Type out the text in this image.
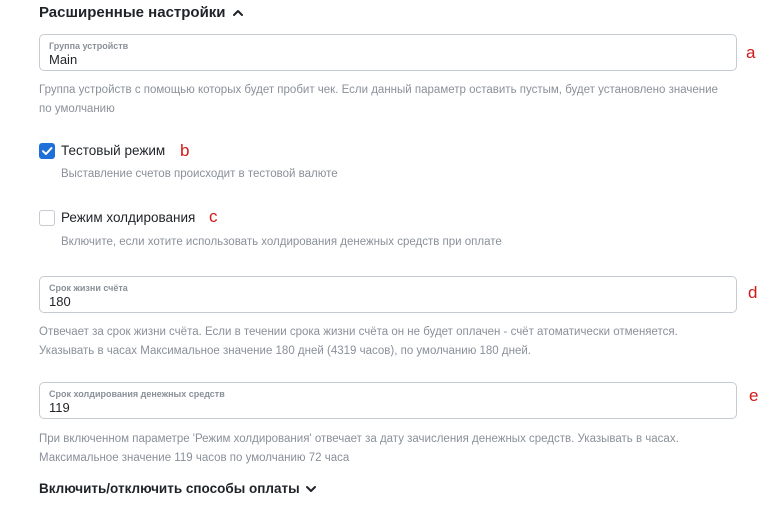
Расширенные настройки
Группа устройств
Main	a
Группа устройств с помощью которых будет пробит чек. Если данный параметр оставить пустым, будет установлено значение по умолчанию
Тестовый режим b
Выставление счетов происходит в тестовой валюте
Режим холдирования c
Включите, если хотите использовать холдирования денежных средств при оплате
Срок жизни счёта
180	d
Отвечает за срок жизни счёта. Если в течении срока жизни счёта он не будет оплачен - счёт атоматически отменяется. Указывать в часах Максимальное значение 180 дней (4319 часов), по умолчанию 180 дней.
Срок холдирования денежных средств
119
e
При включенном параметре 'Режим холдирования' отвечает за дату зачисления денежных средств. Указывать в часах. Максимальное значение 119 часов по умолчанию 72 часа
Включить/отключить способы оплаты
